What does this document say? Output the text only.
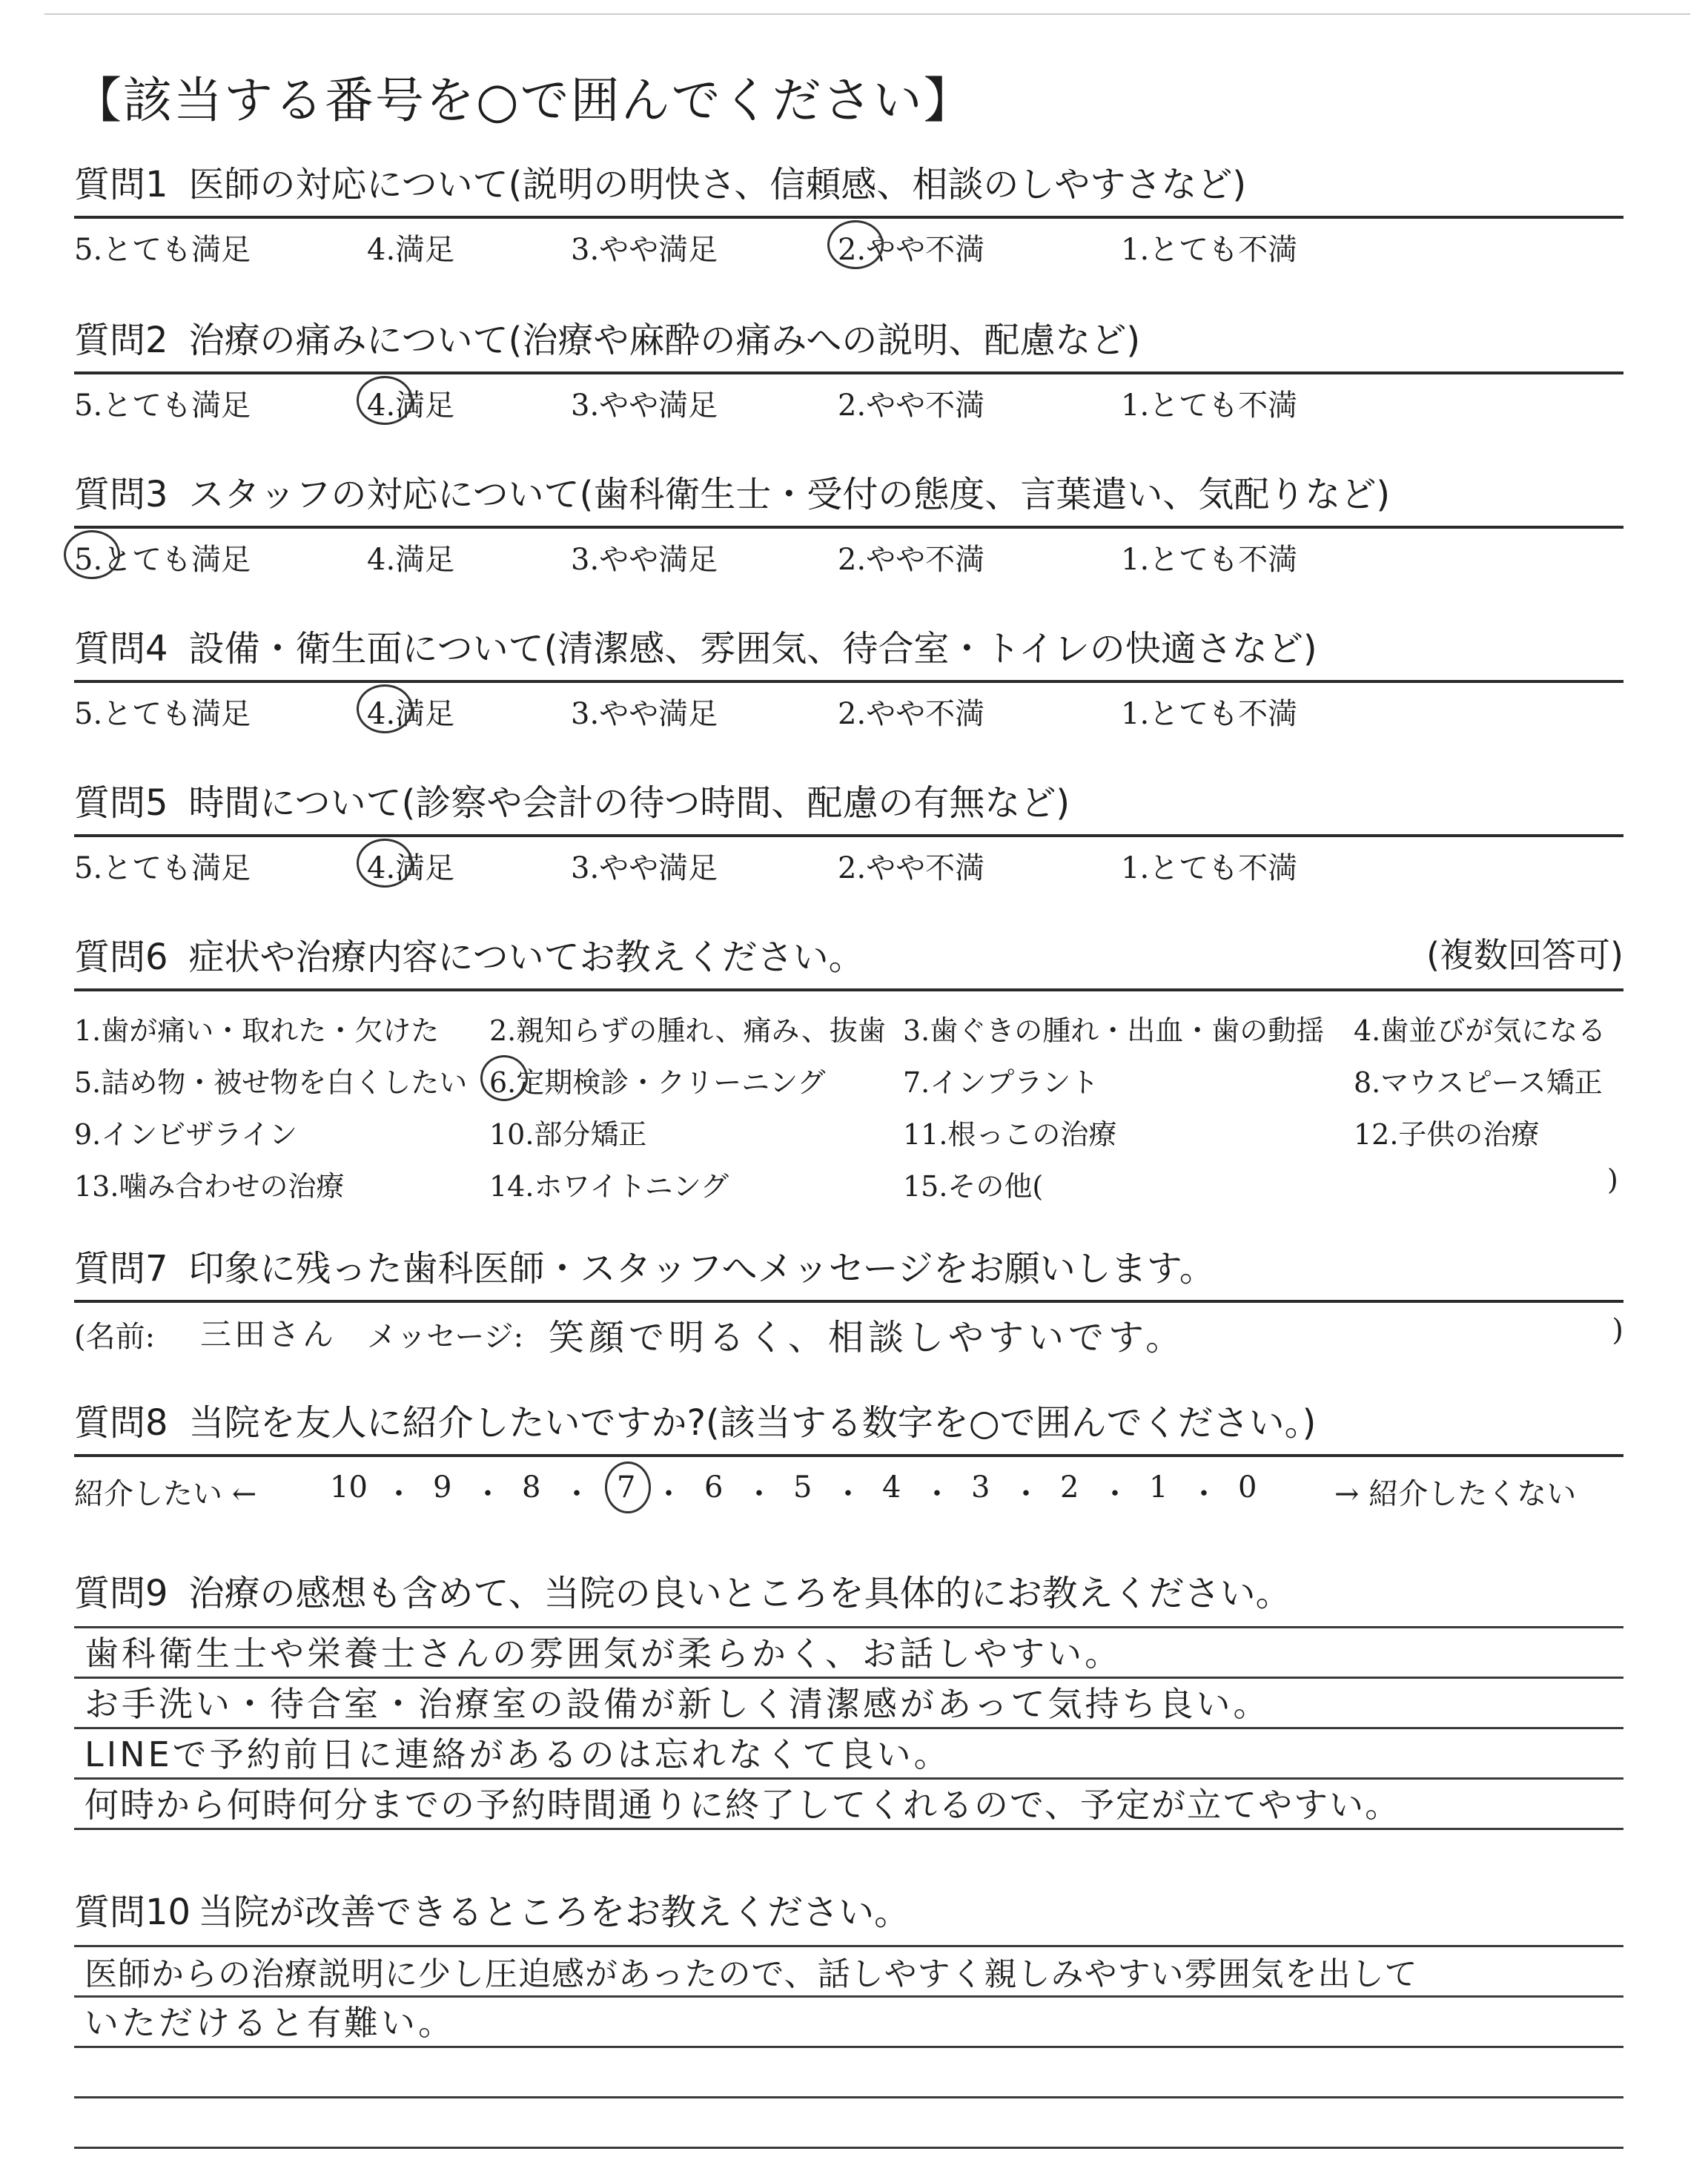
【該当する番号を○で囲んでください】
質問1 医師の対応について(説明の明快さ、信頼感、相談のしやすさなど)
5.とても満足	4.満足	3.やや満足	2.やや不満	1.とても不満
質問2 治療の痛みについて(治療や麻酔の痛みへの説明、配慮など)
5.とても満足	4.満足	3.やや満足	2.やや不満	1.とても不満
質問3 スタッフの対応について(歯科衛生士・受付の態度、言葉遣い、気配りなど)
5.とても満足	4.満足	3.やや満足	2.やや不満	1.とても不満
質問4 設備・衛生面について(清潔感、雰囲気、待合室・トイレの快適さなど)
5.とても満足	4.満足	3.やや満足	2.やや不満	1.とても不満
質問5 時間について(診察や会計の待つ時間、配慮の有無など)
5.とても満足	4.満足	3.やや満足	2.やや不満	1.とても不満
質問6 症状や治療内容についてお教えください。	(複数回答可)
1.歯が痛い・取れた・欠けた 2.親知らずの腫れ、痛み、抜歯 3.歯ぐきの腫れ・出血・歯の動揺 4.歯並びが気になる
5.詰め物・被せ物を白くしたい 6.定期検診・クリーニング	7.インプラント	8.マウスピース矯正
9.インビザライン	10.部分矯正	11.根っこの治療	12.子供の治療
13.噛み合わせの治療	14.ホワイトニング	15.その他(	)
質問7 印象に残った歯科医師・スタッフへメッセージをお願いします。
(名前: 三田さん メッセージ: 笑顔で明るく、相談しやすいです。	)
質問8 当院を友人に紹介したいですか?(該当する数字を○で囲んでください。)
紹介したい ← 10 ・ 9 ・ 8 ・ 7 ・ 6 ・ 5 ・ 4 ・ 3 ・ 2 ・ 1 ・ 0	→ 紹介したくない
質問9 治療の感想も含めて、当院の良いところを具体的にお教えください。
歯科衛生士や栄養士さんの雰囲気が柔らかく、お話しやすい。
お手洗い・待合室・治療室の設備が新しく清潔感があって気持ち良い。
LINEで予約前日に連絡があるのは忘れなくて良い。
何時から何時何分までの予約時間通りに終了してくれるので、予定が立てやすい。
質問10 当院が改善できるところをお教えください。
医師からの治療説明に少し圧迫感があったので、話しやすく親しみやすい雰囲気を出して
いただけると有難い。
